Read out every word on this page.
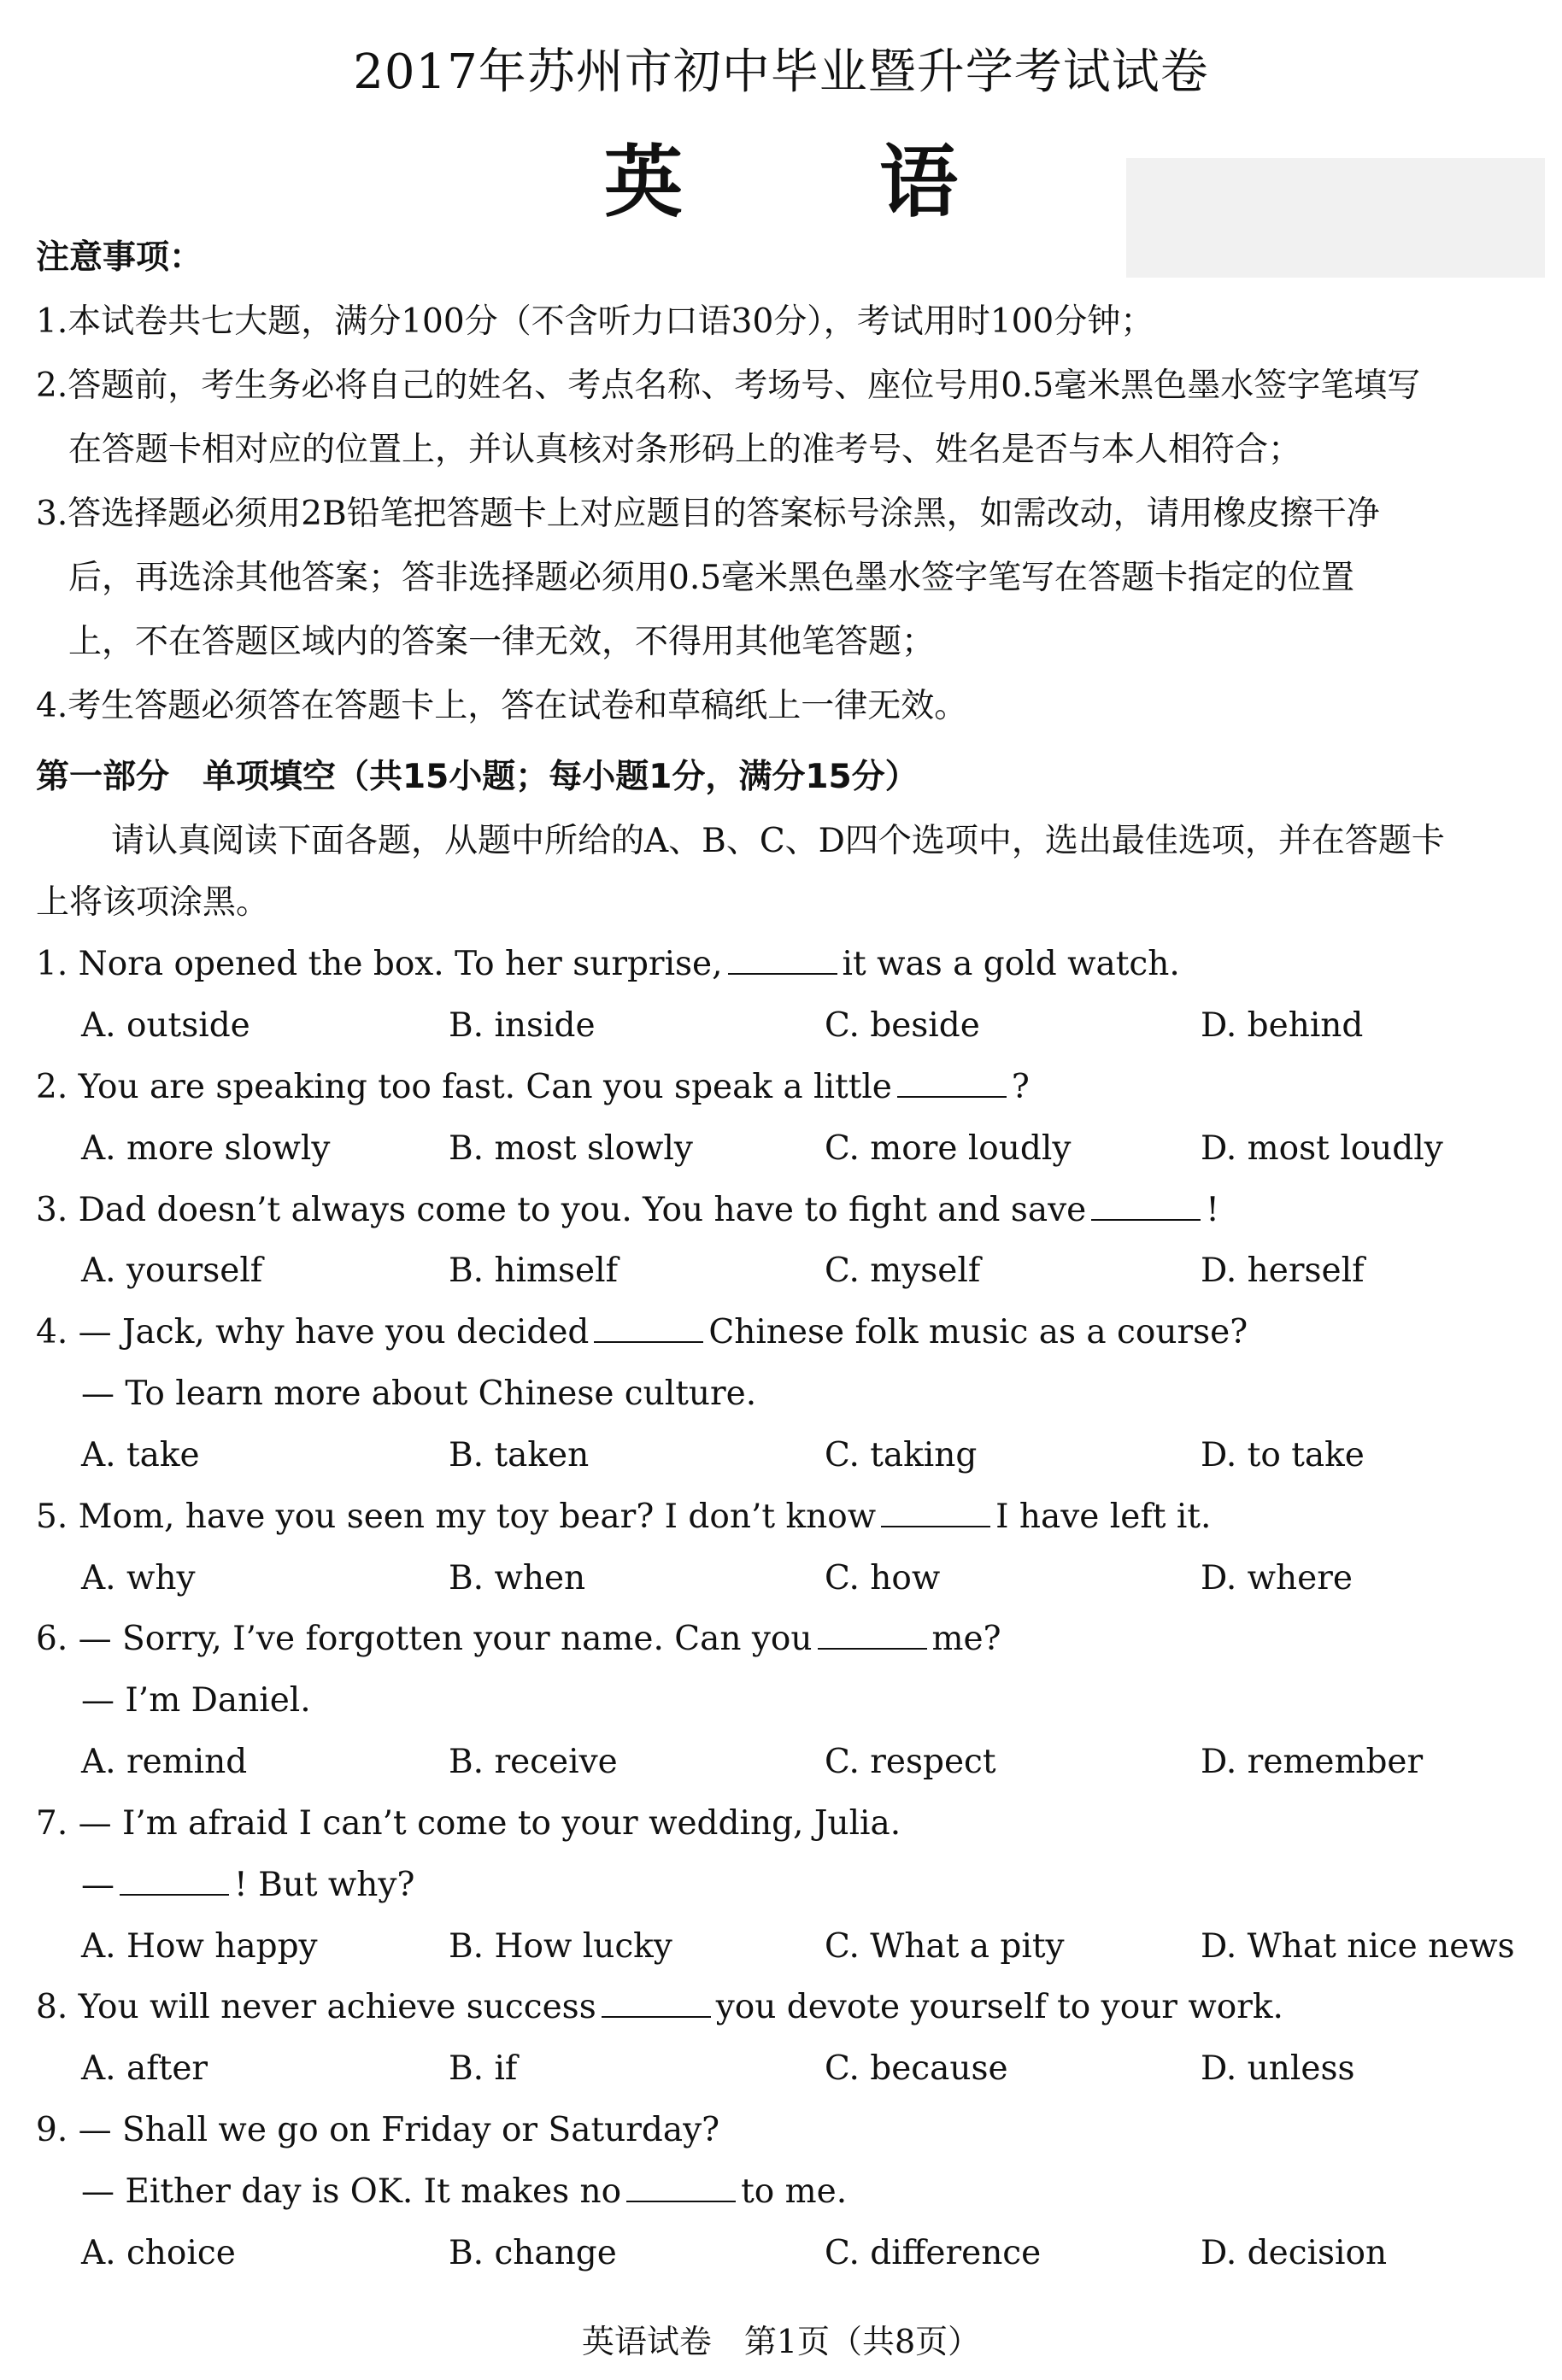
2017年苏州市初中毕业暨升学考试试卷
英语
注意事项：
1.本试卷共七大题，满分100分（不含听力口语30分），考试用时100分钟；
2.答题前，考生务必将自己的姓名、考点名称、考场号、座位号用0.5毫米黑色墨水签字笔填写
在答题卡相对应的位置上，并认真核对条形码上的准考号、姓名是否与本人相符合；
3.答选择题必须用2B铅笔把答题卡上对应题目的答案标号涂黑，如需改动，请用橡皮擦干净
后，再选涂其他答案；答非选择题必须用0.5毫米黑色墨水签字笔写在答题卡指定的位置
上，不在答题区域内的答案一律无效，不得用其他笔答题；
4.考生答题必须答在答题卡上，答在试卷和草稿纸上一律无效。
第一部分　单项填空（共15小题；每小题1分，满分15分）
请认真阅读下面各题，从题中所给的A、B、C、D四个选项中，选出最佳选项，并在答题卡
上将该项涂黑。
1. Nora opened the box. To her surprise,	it was a gold watch.
A. outside	B. inside	C. beside	D. behind
2. You are speaking too fast. Can you speak a little	?
A. more slowly	B. most slowly	C. more loudly	D. most loudly
3. Dad doesn’t always come to you. You have to fight and save	!
A. yourself	B. himself	C. myself	D. herself
4. — Jack, why have you decided	Chinese folk music as a course?
— To learn more about Chinese culture.
A. take	B. taken	C. taking	D. to take
5. Mom, have you seen my toy bear? I don’t know	I have left it.
A. why	B. when	C. how	D. where
6. — Sorry, I’ve forgotten your name. Can you	me?
— I’m Daniel.
A. remind	B. receive	C. respect	D. remember
7. — I’m afraid I can’t come to your wedding, Julia.
—	! But why?
A. How happy	B. How lucky	C. What a pity	D. What nice news
8. You will never achieve success	you devote yourself to your work.
A. after	B. if	C. because	D. unless
9. — Shall we go on Friday or Saturday?
— Either day is OK. It makes no	to me.
A. choice	B. change	C. difference	D. decision
英语试卷　第1页（共8页）
